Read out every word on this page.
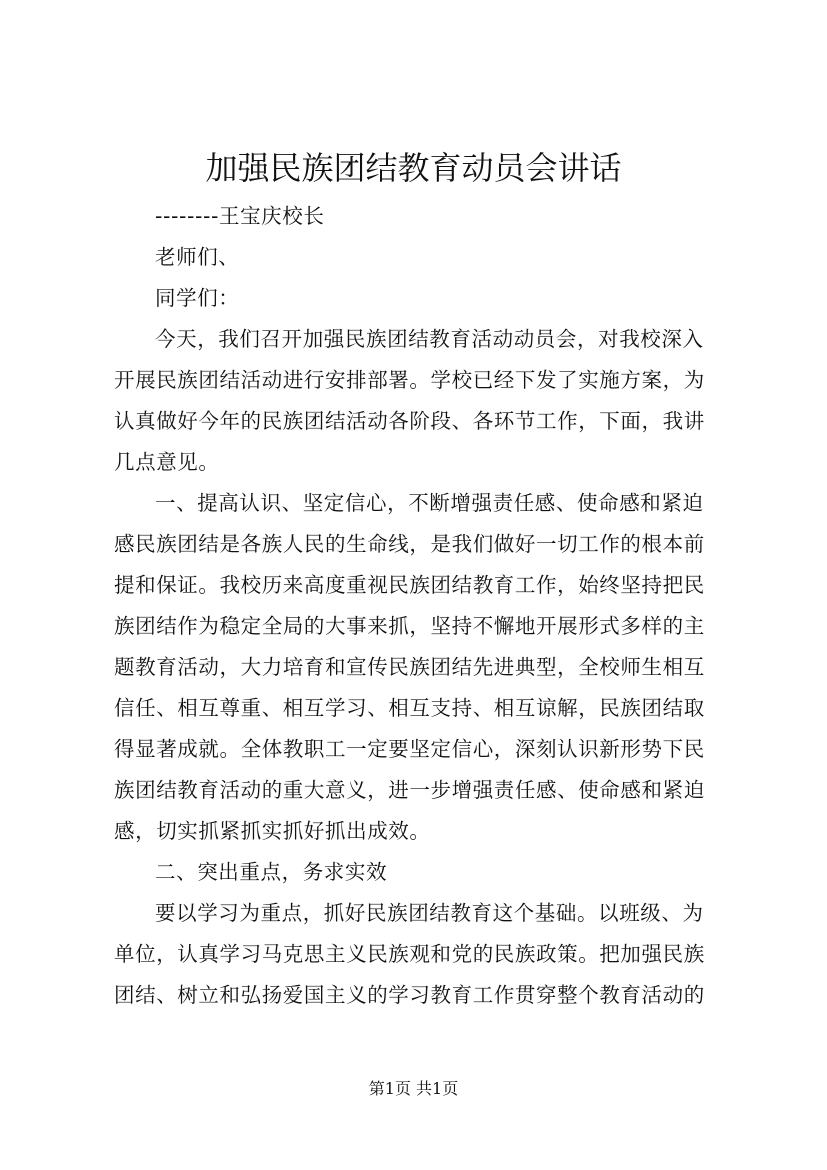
加强民族团结教育动员会讲话
--------王宝庆校长
老师们、
同学们：
今天，我们召开加强民族团结教育活动动员会，对我校深入
开展民族团结活动进行安排部署。学校已经下发了实施方案，为
认真做好今年的民族团结活动各阶段、各环节工作，下面，我讲
几点意见。
一、提高认识、坚定信心，不断增强责任感、使命感和紧迫
感民族团结是各族人民的生命线，是我们做好一切工作的根本前
提和保证。我校历来高度重视民族团结教育工作，始终坚持把民
族团结作为稳定全局的大事来抓，坚持不懈地开展形式多样的主
题教育活动，大力培育和宣传民族团结先进典型，全校师生相互
信任、相互尊重、相互学习、相互支持、相互谅解，民族团结取
得显著成就。全体教职工一定要坚定信心，深刻认识新形势下民
族团结教育活动的重大意义，进一步增强责任感、使命感和紧迫
感，切实抓紧抓实抓好抓出成效。
二、突出重点，务求实效
要以学习为重点，抓好民族团结教育这个基础。以班级、为
单位，认真学习马克思主义民族观和党的民族政策。把加强民族
团结、树立和弘扬爱国主义的学习教育工作贯穿整个教育活动的
第1页 共1页
